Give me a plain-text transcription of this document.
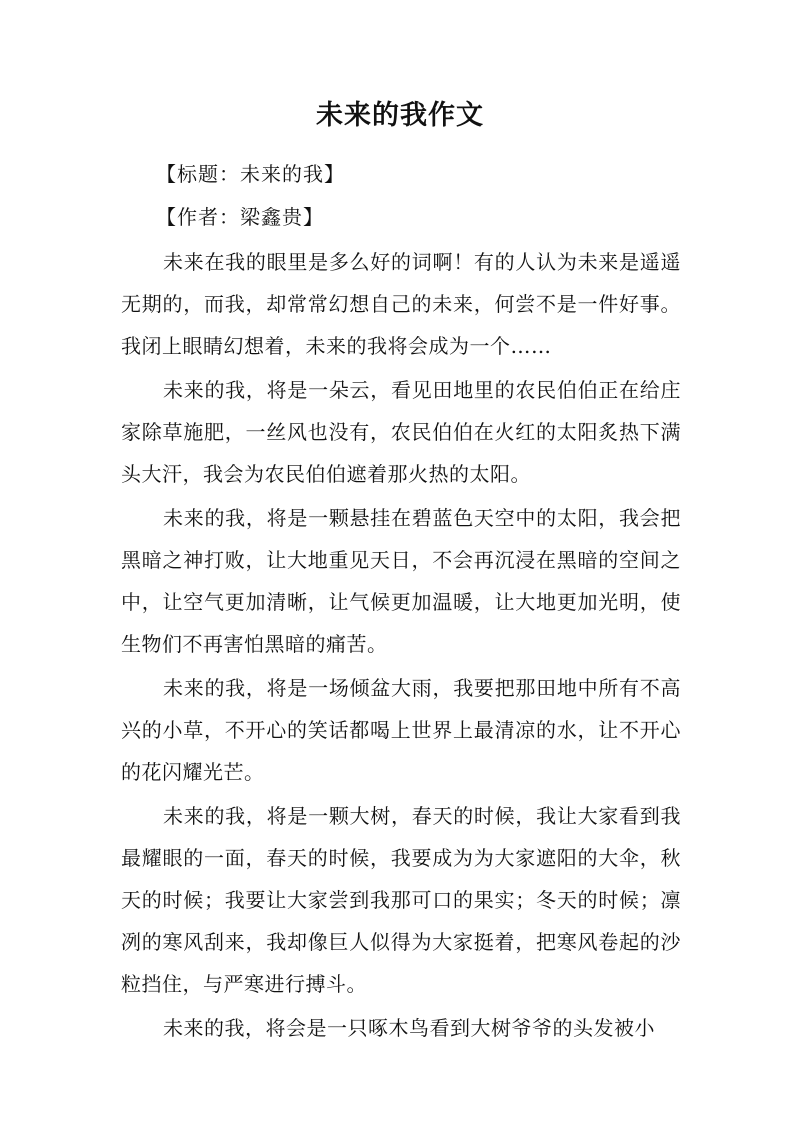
未来的我作文
【标题：未来的我】
【作者：梁鑫贵】

未来在我的眼里是多么好的词啊！有的人认为未来是遥遥无期的，而我，却常常幻想自己的未来，何尝不是一件好事。我闭上眼睛幻想着，未来的我将会成为一个……

未来的我，将是一朵云，看见田地里的农民伯伯正在给庄家除草施肥，一丝风也没有，农民伯伯在火红的太阳炙热下满头大汗，我会为农民伯伯遮着那火热的太阳。

未来的我，将是一颗悬挂在碧蓝色天空中的太阳，我会把黑暗之神打败，让大地重见天日，不会再沉浸在黑暗的空间之中，让空气更加清晰，让气候更加温暖，让大地更加光明，使生物们不再害怕黑暗的痛苦。

未来的我，将是一场倾盆大雨，我要把那田地中所有不高兴的小草，不开心的笑话都喝上世界上最清凉的水，让不开心的花闪耀光芒。

未来的我，将是一颗大树，春天的时候，我让大家看到我最耀眼的一面，春天的时候，我要成为为大家遮阳的大伞，秋天的时候；我要让大家尝到我那可口的果实；冬天的时候；凛冽的寒风刮来，我却像巨人似得为大家挺着，把寒风卷起的沙粒挡住，与严寒进行搏斗。

未来的我，将会是一只啄木鸟看到大树爷爷的头发被小
